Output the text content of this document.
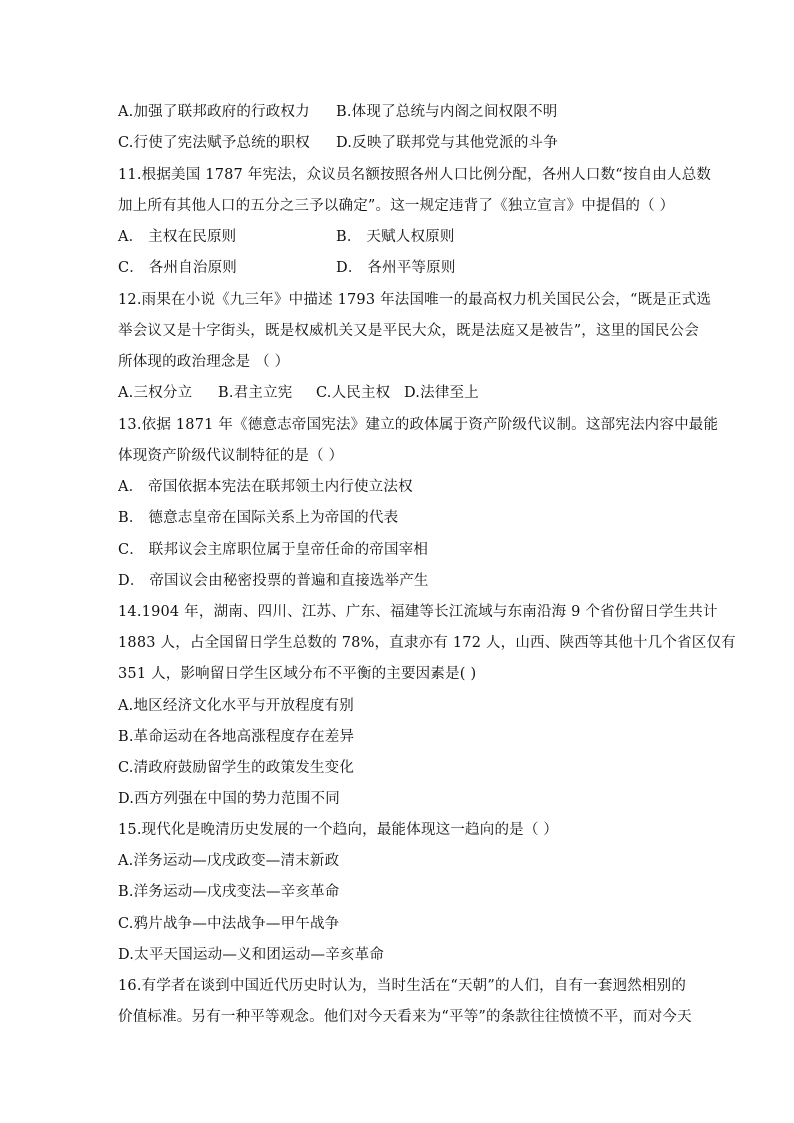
A.加强了联邦政府的行政权力 B.体现了总统与内阁之间权限不明
C.行使了宪法赋予总统的职权 D.反映了联邦党与其他党派的斗争
11.根据美国 1787 年宪法，众议员名额按照各州人口比例分配，各州人口数“按自由人总数
加上所有其他人口的五分之三予以确定”。这一规定违背了《独立宣言》中提倡的（ ）
A． 主权在民原则	B． 天赋人权原则
C． 各州自治原则	D． 各州平等原则
12.雨果在小说《九三年》中描述 1793 年法国唯一的最高权力机关国民公会，“既是正式选
举会议又是十字街头，既是权威机关又是平民大众，既是法庭又是被告”，这里的国民公会
所体现的政治理念是 （ ）
A.三权分立 B.君主立宪 C.人民主权 D.法律至上
13.依据 1871 年《德意志帝国宪法》建立的政体属于资产阶级代议制。这部宪法内容中最能
体现资产阶级代议制特征的是（ ）
A． 帝国依据本宪法在联邦领土内行使立法权
B． 德意志皇帝在国际关系上为帝国的代表
C． 联邦议会主席职位属于皇帝任命的帝国宰相
D． 帝国议会由秘密投票的普遍和直接选举产生
14.1904 年，湖南、四川、江苏、广东、福建等长江流域与东南沿海 9 个省份留日学生共计
1883 人，占全国留日学生总数的 78%，直隶亦有 172 人，山西、陕西等其他十几个省区仅有
351 人，影响留日学生区域分布不平衡的主要因素是( )
A.地区经济文化水平与开放程度有别
B.革命运动在各地高涨程度存在差异
C.清政府鼓励留学生的政策发生变化
D.西方列强在中国的势力范围不同
15.现代化是晚清历史发展的一个趋向，最能体现这一趋向的是（ ）
A.洋务运动—戊戌政变—清末新政
B.洋务运动—戊戌变法—辛亥革命
C.鸦片战争—中法战争—甲午战争
D.太平天国运动—义和团运动—辛亥革命
16.有学者在谈到中国近代历史时认为，当时生活在“天朝”的人们，自有一套迥然相别的
价值标准。另有一种平等观念。他们对今天看来为“平等”的条款往往愤愤不平，而对今天
